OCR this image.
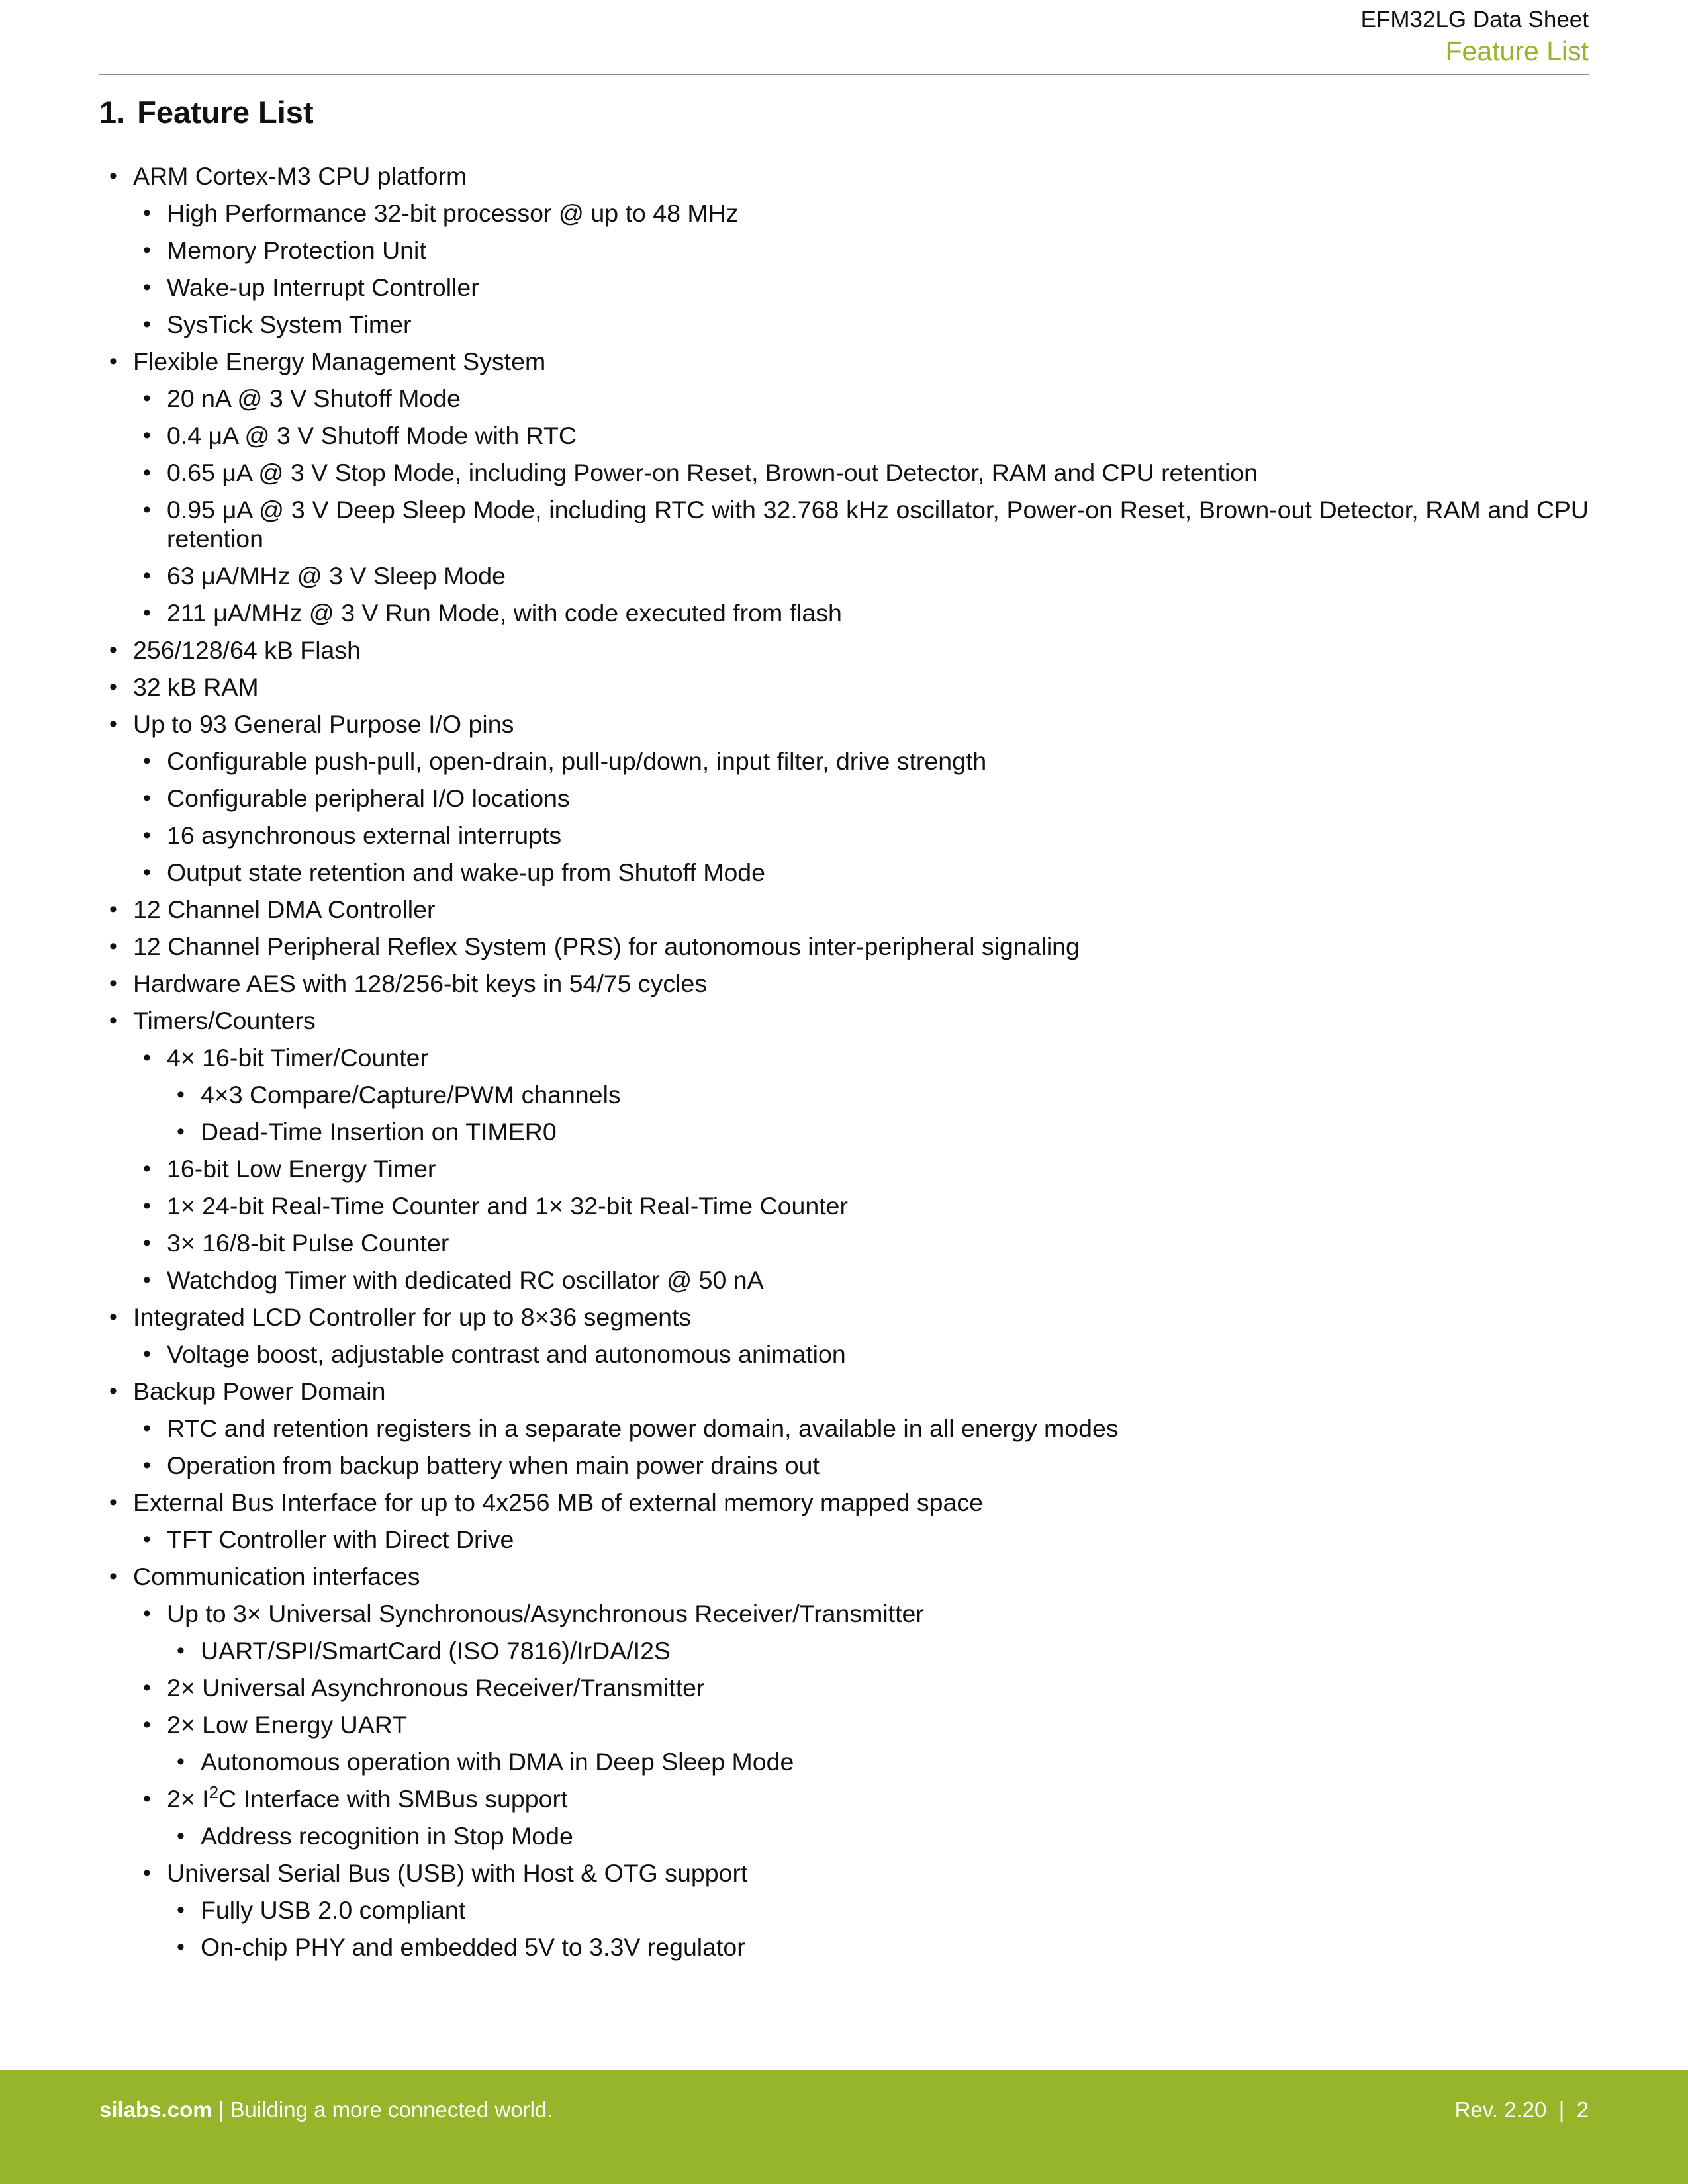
EFM32LG Data Sheet
Feature List
1. Feature List
• ARM Cortex-M3 CPU platform
• High Performance 32-bit processor @ up to 48 MHz
• Memory Protection Unit
• Wake-up Interrupt Controller
• SysTick System Timer
• Flexible Energy Management System
• 20 nA @ 3 V Shutoff Mode
• 0.4 μA @ 3 V Shutoff Mode with RTC
• 0.65 μA @ 3 V Stop Mode, including Power-on Reset, Brown-out Detector, RAM and CPU retention
• 0.95 μA @ 3 V Deep Sleep Mode, including RTC with 32.768 kHz oscillator, Power-on Reset, Brown-out Detector, RAM and CPU retention
• 63 μA/MHz @ 3 V Sleep Mode
• 211 μA/MHz @ 3 V Run Mode, with code executed from flash
• 256/128/64 kB Flash
• 32 kB RAM
• Up to 93 General Purpose I/O pins
• Configurable push-pull, open-drain, pull-up/down, input filter, drive strength
• Configurable peripheral I/O locations
• 16 asynchronous external interrupts
• Output state retention and wake-up from Shutoff Mode
• 12 Channel DMA Controller
• 12 Channel Peripheral Reflex System (PRS) for autonomous inter-peripheral signaling
• Hardware AES with 128/256-bit keys in 54/75 cycles
• Timers/Counters
• 4× 16-bit Timer/Counter
• 4×3 Compare/Capture/PWM channels
• Dead-Time Insertion on TIMER0
• 16-bit Low Energy Timer
• 1× 24-bit Real-Time Counter and 1× 32-bit Real-Time Counter
• 3× 16/8-bit Pulse Counter
• Watchdog Timer with dedicated RC oscillator @ 50 nA
• Integrated LCD Controller for up to 8×36 segments
• Voltage boost, adjustable contrast and autonomous animation
• Backup Power Domain
• RTC and retention registers in a separate power domain, available in all energy modes
• Operation from backup battery when main power drains out
• External Bus Interface for up to 4x256 MB of external memory mapped space
• TFT Controller with Direct Drive
• Communication interfaces
• Up to 3× Universal Synchronous/Asynchronous Receiver/Transmitter
• UART/SPI/SmartCard (ISO 7816)/IrDA/I2S
• 2× Universal Asynchronous Receiver/Transmitter
• 2× Low Energy UART
• Autonomous operation with DMA in Deep Sleep Mode
• $2\times I^2C$ Interface with SMBus support
• Address recognition in Stop Mode
• Universal Serial Bus (USB) with Host & OTG support
• Fully USB 2.0 compliant
• On-chip PHY and embedded 5V to 3.3V regulator
silabs.com | Building a more connected world.	Rev. 2.20  |  2
